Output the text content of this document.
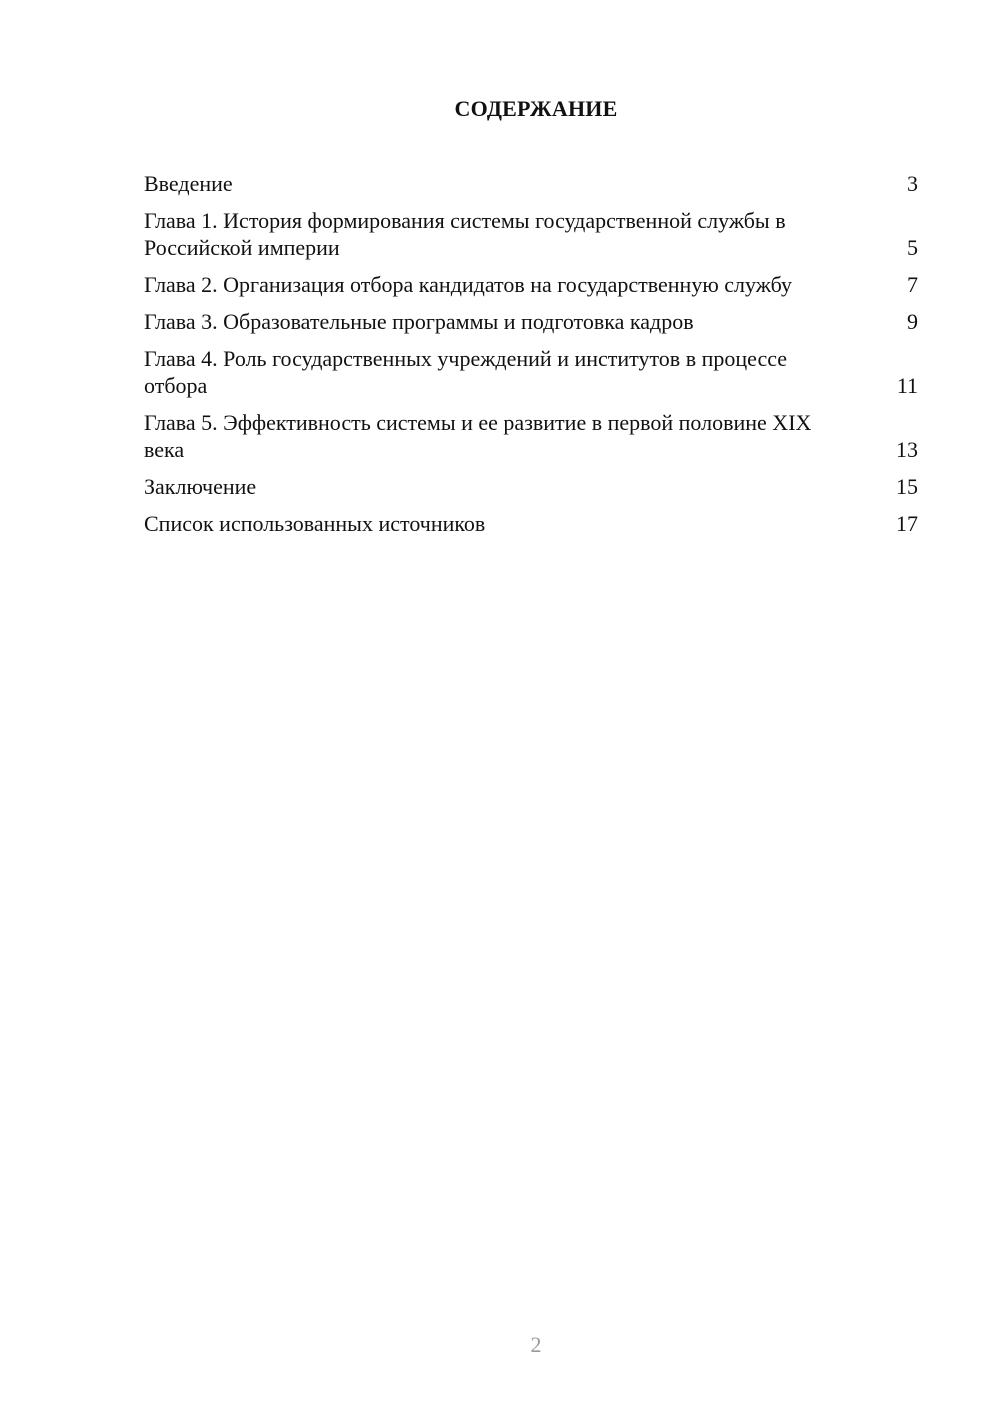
СОДЕРЖАНИЕ
Введение	3
Глава 1. История формирования системы государственной службы в Российской империи	5
Глава 2. Организация отбора кандидатов на государственную службу	7
Глава 3. Образовательные программы и подготовка кадров	9
Глава 4. Роль государственных учреждений и институтов в процессе отбора	11
Глава 5. Эффективность системы и ее развитие в первой половине XIX века	13
Заключение	15
Список использованных источников	17
2
